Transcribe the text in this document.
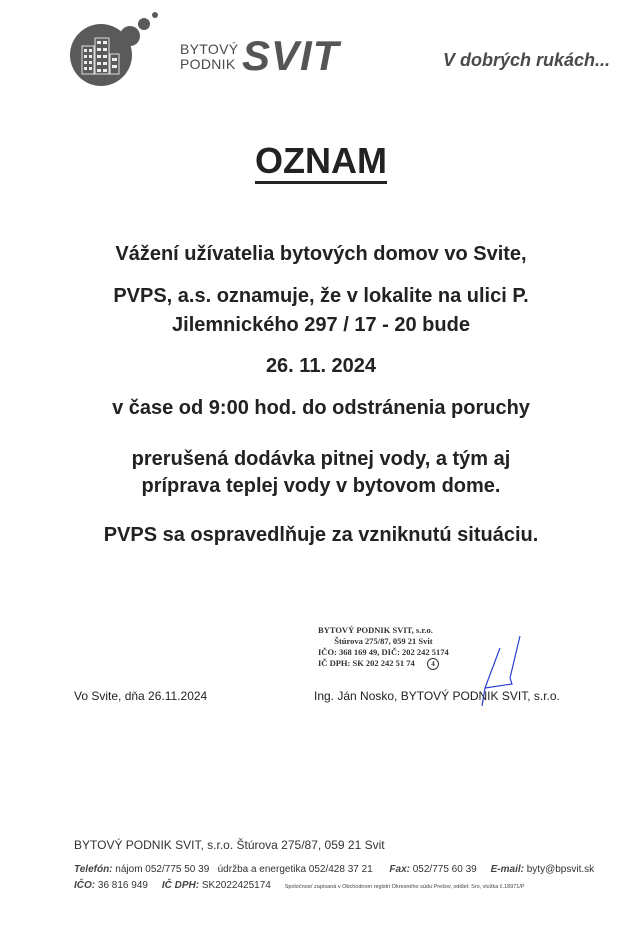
BYTOVÝ
PODNIK SVIT	V dobrých rukách...
OZNAM
Vážení užívatelia bytových domov vo Svite,
PVPS, a.s. oznamuje, že v lokalite na ulici P.
Jilemnického 297 / 17 - 20 bude
26. 11. 2024
v čase od 9:00 hod. do odstránenia poruchy
prerušená dodávka pitnej vody, a tým aj
príprava teplej vody v bytovom dome.
PVPS sa ospravedlňuje za vzniknutú situáciu.
BYTOVÝ PODNIK SVIT, s.r.o.
Štúrova 275/87, 059 21 Svit
IČO: 368 169 49, DIČ: 202 242 5174
IČ DPH: SK 202 242 51 74 4
Vo Svite, dňa 26.11.2024	Ing. Ján Nosko, BYTOVÝ PODNIK SVIT, s.r.o.
BYTOVÝ PODNIK SVIT, s.r.o. Štúrova 275/87, 059 21 Svit
Telefón: nájom 052/775 50 39 údržba a energetika 052/428 37 21 Fax: 052/775 60 39 E-mail: byty@bpsvit.sk
IČO: 36 816 949 IČ DPH: SK2022425174	Spoločnosť zapísaná v Obchodnom registri Okresného súdu Prešov, oddiel: Sro, vložka č.18971/P
